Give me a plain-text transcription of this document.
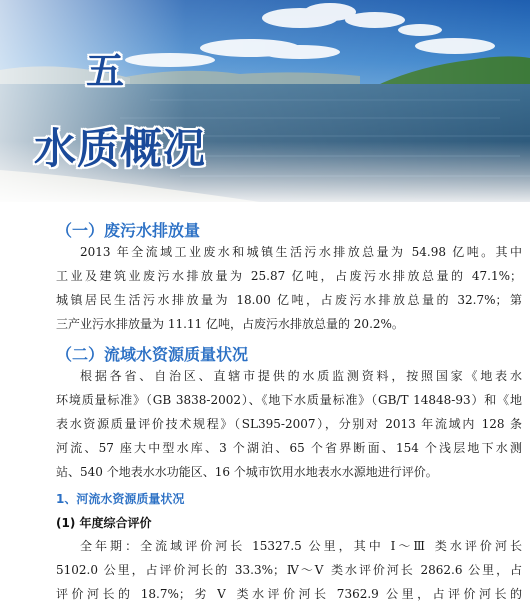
五
水质概况
（一）废污水排放量
2013 年全流域工业废水和城镇生活污水排放总量为 54.98 亿吨。其中
工业及建筑业废污水排放量为 25.87 亿吨，占废污水排放总量的 47.1%；
城镇居民生活污水排放量为 18.00 亿吨，占废污水排放总量的 32.7%；第
三产业污水排放量为 11.11 亿吨，占废污水排放总量的 20.2%。
（二）流域水资源质量状况
根据各省、自治区、直辖市提供的水质监测资料，按照国家《地表水
环境质量标准》（GB 3838-2002）、《地下水质量标准》（GB/T 14848-93）和《地
表水资源质量评价技术规程》（SL395-2007），分别对 2013 年流域内 128 条
河流、57 座大中型水库、3 个湖泊、65 个省界断面、154 个浅层地下水测
站、540 个地表水水功能区、16 个城市饮用水地表水水源地进行评价。
1、河流水资源质量状况
(1) 年度综合评价
全年期：全流域评价河长 15327.5 公里，其中 Ⅰ～Ⅲ 类水评价河长
5102.0 公里，占评价河长的 33.3%；Ⅳ～Ⅴ 类水评价河长 2862.6 公里，占
评价河长的 18.7%；劣 Ⅴ 类水评价河长 7362.9 公里，占评价河长的
